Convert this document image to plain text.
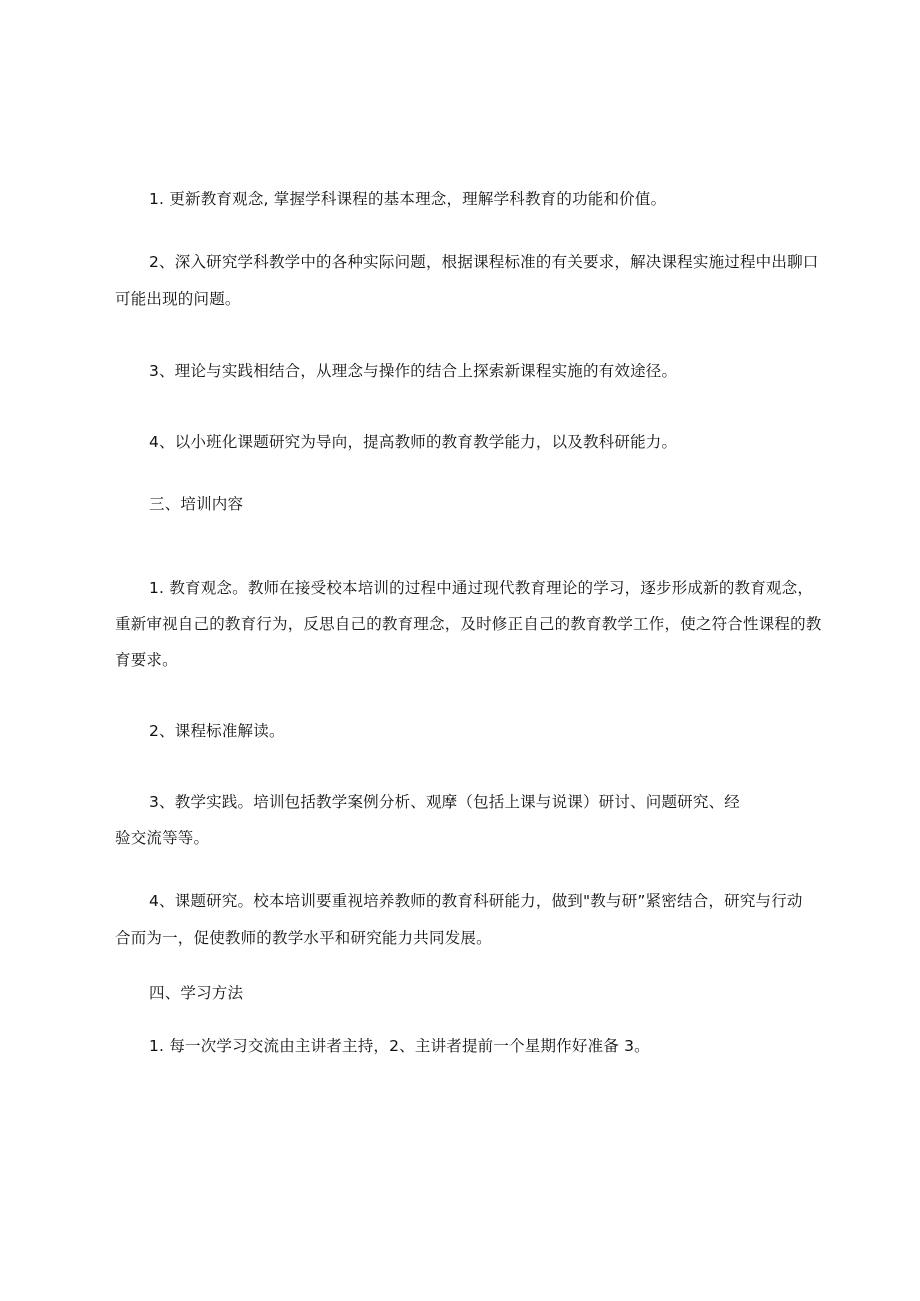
1. 更新教育观念, 掌握学科课程的基本理念，理解学科教育的功能和价值。
2、深入研究学科教学中的各种实际问题，根据课程标准的有关要求，解决课程实施过程中出聊口
可能出现的问题。
3、理论与实践相结合，从理念与操作的结合上探索新课程实施的有效途径。
4、以小班化课题研究为导向，提高教师的教育教学能力，以及教科研能力。
三、培训内容
1. 教育观念。教师在接受校本培训的过程中通过现代教育理论的学习，逐步形成新的教育观念，
重新审视自己的教育行为，反思自己的教育理念，及时修正自己的教育教学工作，使之符合性课程的教
育要求。
2、课程标准解读。
3、教学实践。培训包括教学案例分析、观摩（包括上课与说课）研讨、问题研究、经
验交流等等。
4、课题研究。校本培训要重视培养教师的教育科研能力，做到"教与研”紧密结合，研究与行动
合而为一，促使教师的教学水平和研究能力共同发展。
四、学习方法
1. 每一次学习交流由主讲者主持，2、主讲者提前一个星期作好准备 3。
